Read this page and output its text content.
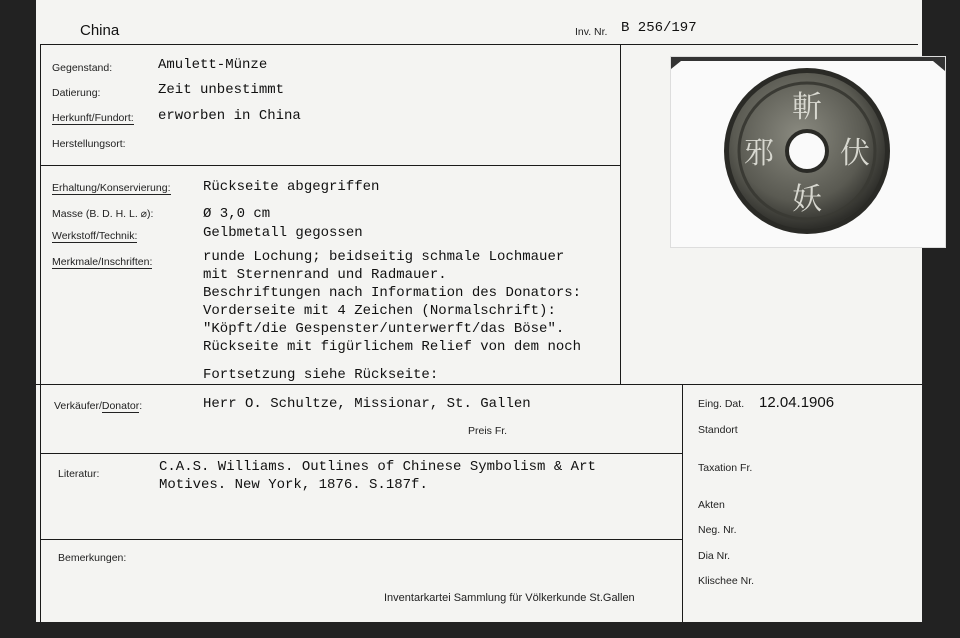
China	Inv. Nr. B 256/197
Gegenstand:	Amulett-Münze
Datierung:	Zeit unbestimmt
Herkunft/Fundort: erworben in China
Herstellungsort:
Erhaltung/Konservierung: Rückseite abgegriffen
Masse (B. D. H. L. ⌀):	Ø 3,0 cm
Werkstoff/Technik:	Gelbmetall gegossen
Merkmale/Inschriften:	runde Lochung; beidseitig schmale Lochmauer
mit Sternenrand und Radmauer.
Beschriftungen nach Information des Donators:
Vorderseite mit 4 Zeichen (Normalschrift):
"Köpft/die Gespenster/unterwerft/das Böse".
Rückseite mit figürlichem Relief von dem noch
Fortsetzung siehe Rückseite:
斬
伏
妖
邪
Verkäufer/Donator:	Herr O. Schultze, Missionar, St. Gallen
Preis Fr.
Literatur:	C.A.S. Williams. Outlines of Chinese Symbolism & Art
Motives. New York, 1876. S.187f.
Bemerkungen:
Inventarkartei Sammlung für Völkerkunde St.Gallen
Eing. Dat. 12.04.1906
Standort
Taxation Fr.
Akten
Neg. Nr.
Dia Nr.
Klischee Nr.
